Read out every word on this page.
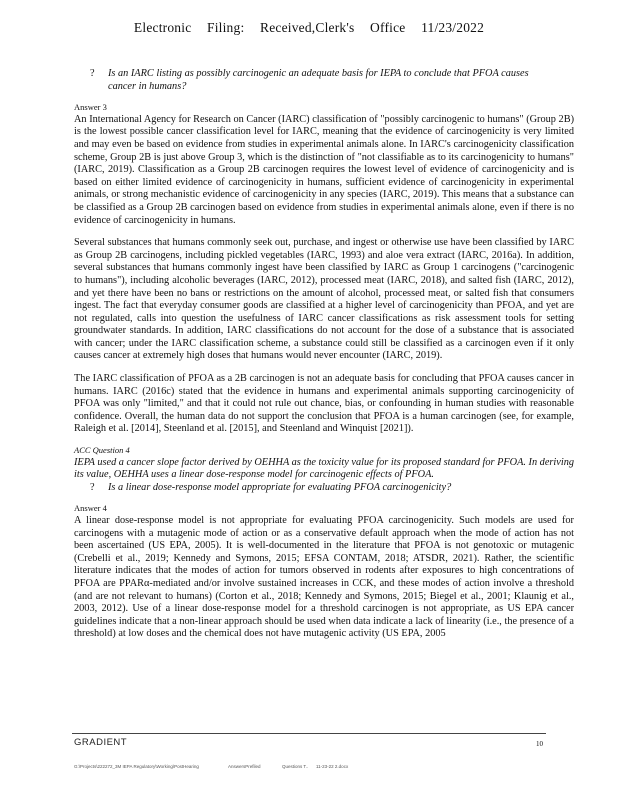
Electronic Filing: Received,Clerk's Office 11/23/2022
? Is an IARC listing as possibly carcinogenic an adequate basis for IEPA to conclude that PFOA causes cancer in humans?
Answer 3

An International Agency for Research on Cancer (IARC) classification of "possibly carcinogenic to humans" (Group 2B) is the lowest possible cancer classification level for IARC, meaning that the evidence of carcinogenicity is very limited and may even be based on evidence from studies in experimental animals alone. In IARC's carcinogenicity classification scheme, Group 2B is just above Group 3, which is the distinction of "not classifiable as to its carcinogenicity to humans" (IARC, 2019). Classification as a Group 2B carcinogen requires the lowest level of evidence of carcinogenicity and is based on either limited evidence of carcinogenicity in humans, sufficient evidence of carcinogenicity in experimental animals, or strong mechanistic evidence of carcinogenicity in any species (IARC, 2019). This means that a substance can be classified as a Group 2B carcinogen based on evidence from studies in experimental animals alone, even if there is no evidence of carcinogenicity in humans.

Several substances that humans commonly seek out, purchase, and ingest or otherwise use have been classified by IARC as Group 2B carcinogens, including pickled vegetables (IARC, 1993) and aloe vera extract (IARC, 2016a). In addition, several substances that humans commonly ingest have been classified by IARC as Group 1 carcinogens ("carcinogenic to humans"), including alcoholic beverages (IARC, 2012), processed meat (IARC, 2018), and salted fish (IARC, 2012), and yet there have been no bans or restrictions on the amount of alcohol, processed meat, or salted fish that consumers ingest. The fact that everyday consumer goods are classified at a higher level of carcinogenicity than PFOA, and yet are not regulated, calls into question the usefulness of IARC cancer classifications as risk assessment tools for setting groundwater standards. In addition, IARC classifications do not account for the dose of a substance that is associated with cancer; under the IARC classification scheme, a substance could still be classified as a carcinogen even if it only causes cancer at extremely high doses that humans would never encounter (IARC, 2019).

The IARC classification of PFOA as a 2B carcinogen is not an adequate basis for concluding that PFOA causes cancer in humans. IARC (2016c) stated that the evidence in humans and experimental animals supporting carcinogenicity of PFOA was only "limited," and that it could not rule out chance, bias, or confounding in human studies with reasonable confidence. Overall, the human data do not support the conclusion that PFOA is a human carcinogen (see, for example, Raleigh et al. [2014], Steenland et al. [2015], and Steenland and Winquist [2021]).

ACC Question 4

IEPA used a cancer slope factor derived by OEHHA as the toxicity value for its proposed standard for PFOA. In deriving its value, OEHHA uses a linear dose-response model for carcinogenic effects of PFOA.

? Is a linear dose-response model appropriate for evaluating PFOA carcinogenicity?
Answer 4

A linear dose-response model is not appropriate for evaluating PFOA carcinogenicity. Such models are used for carcinogens with a mutagenic mode of action or as a conservative default approach when the mode of action has not been ascertained (US EPA, 2005). It is well-documented in the literature that PFOA is not genotoxic or mutagenic (Crebelli et al., 2019; Kennedy and Symons, 2015; EFSA CONTAM, 2018; ATSDR, 2021). Rather, the scientific literature indicates that the modes of action for tumors observed in rodents after exposures to high concentrations of PFOA are PPARα-mediated and/or involve sustained increases in CCK, and these modes of action involve a threshold (and are not relevant to humans) (Corton et al., 2018; Kennedy and Symons, 2015; Biegel et al., 2001; Klaunig et al., 2003, 2012). Use of a linear dose-response model for a threshold carcinogen is not appropriate, as US EPA cancer guidelines indicate that a non-linear approach should be used when data indicate a lack of linearity (i.e., the presence of a threshold) at low doses and the chemical does not have mutagenic activity (US EPA, 2005

GRADIENT	10
G:\Projects\222272_3M IEPA Regulatory\Working\PostHearing	AnswersPrefiled	Questions T.. 11-23-22 2.docx
